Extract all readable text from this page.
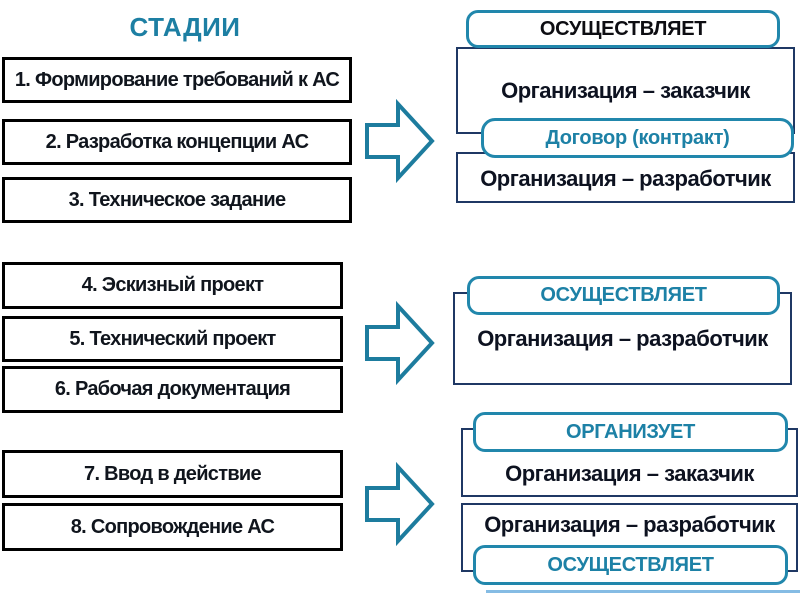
СТАДИИ
1. Формирование требований к АС
2. Разработка концепции АС
3. Техническое задание
4. Эскизный проект
5. Технический проект
6. Рабочая документация
7. Ввод в действие
8. Сопровождение АС
Организация – заказчик
Организация – разработчик
ОСУЩЕСТВЛЯЕТ
Договор (контракт)
Организация – разработчик
ОСУЩЕСТВЛЯЕТ
Организация – заказчик
Организация – разработчик
ОРГАНИЗУЕТ
ОСУЩЕСТВЛЯЕТ
